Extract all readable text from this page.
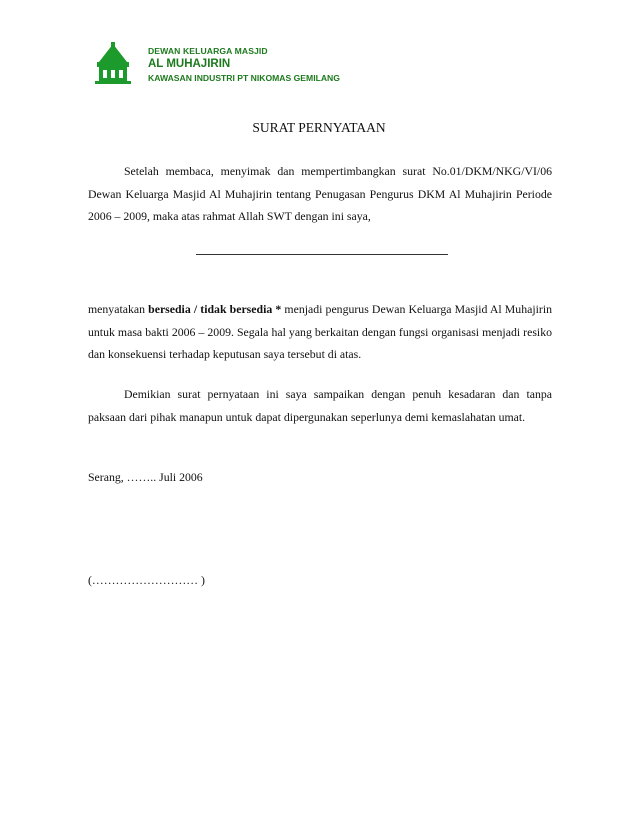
DEWAN KELUARGA MASJID
AL MUHAJIRIN
KAWASAN INDUSTRI PT NIKOMAS GEMILANG
SURAT PERNYATAAN

Setelah membaca, menyimak dan mempertimbangkan surat No.01/DKM/NKG/VI/06 Dewan Keluarga Masjid Al Muhajirin tentang Penugasan Pengurus DKM Al Muhajirin Periode 2006 – 2009, maka atas rahmat Allah SWT dengan ini saya,

menyatakan bersedia / tidak bersedia * menjadi pengurus Dewan Keluarga Masjid Al Muhajirin untuk masa bakti 2006 – 2009. Segala hal yang berkaitan dengan fungsi organisasi menjadi resiko dan konsekuensi terhadap keputusan saya tersebut di atas.

Demikian surat pernyataan ini saya sampaikan dengan penuh kesadaran dan tanpa paksaan dari pihak manapun untuk dapat dipergunakan seperlunya demi kemaslahatan umat.

Serang, …….. Juli 2006

(……………………… )
